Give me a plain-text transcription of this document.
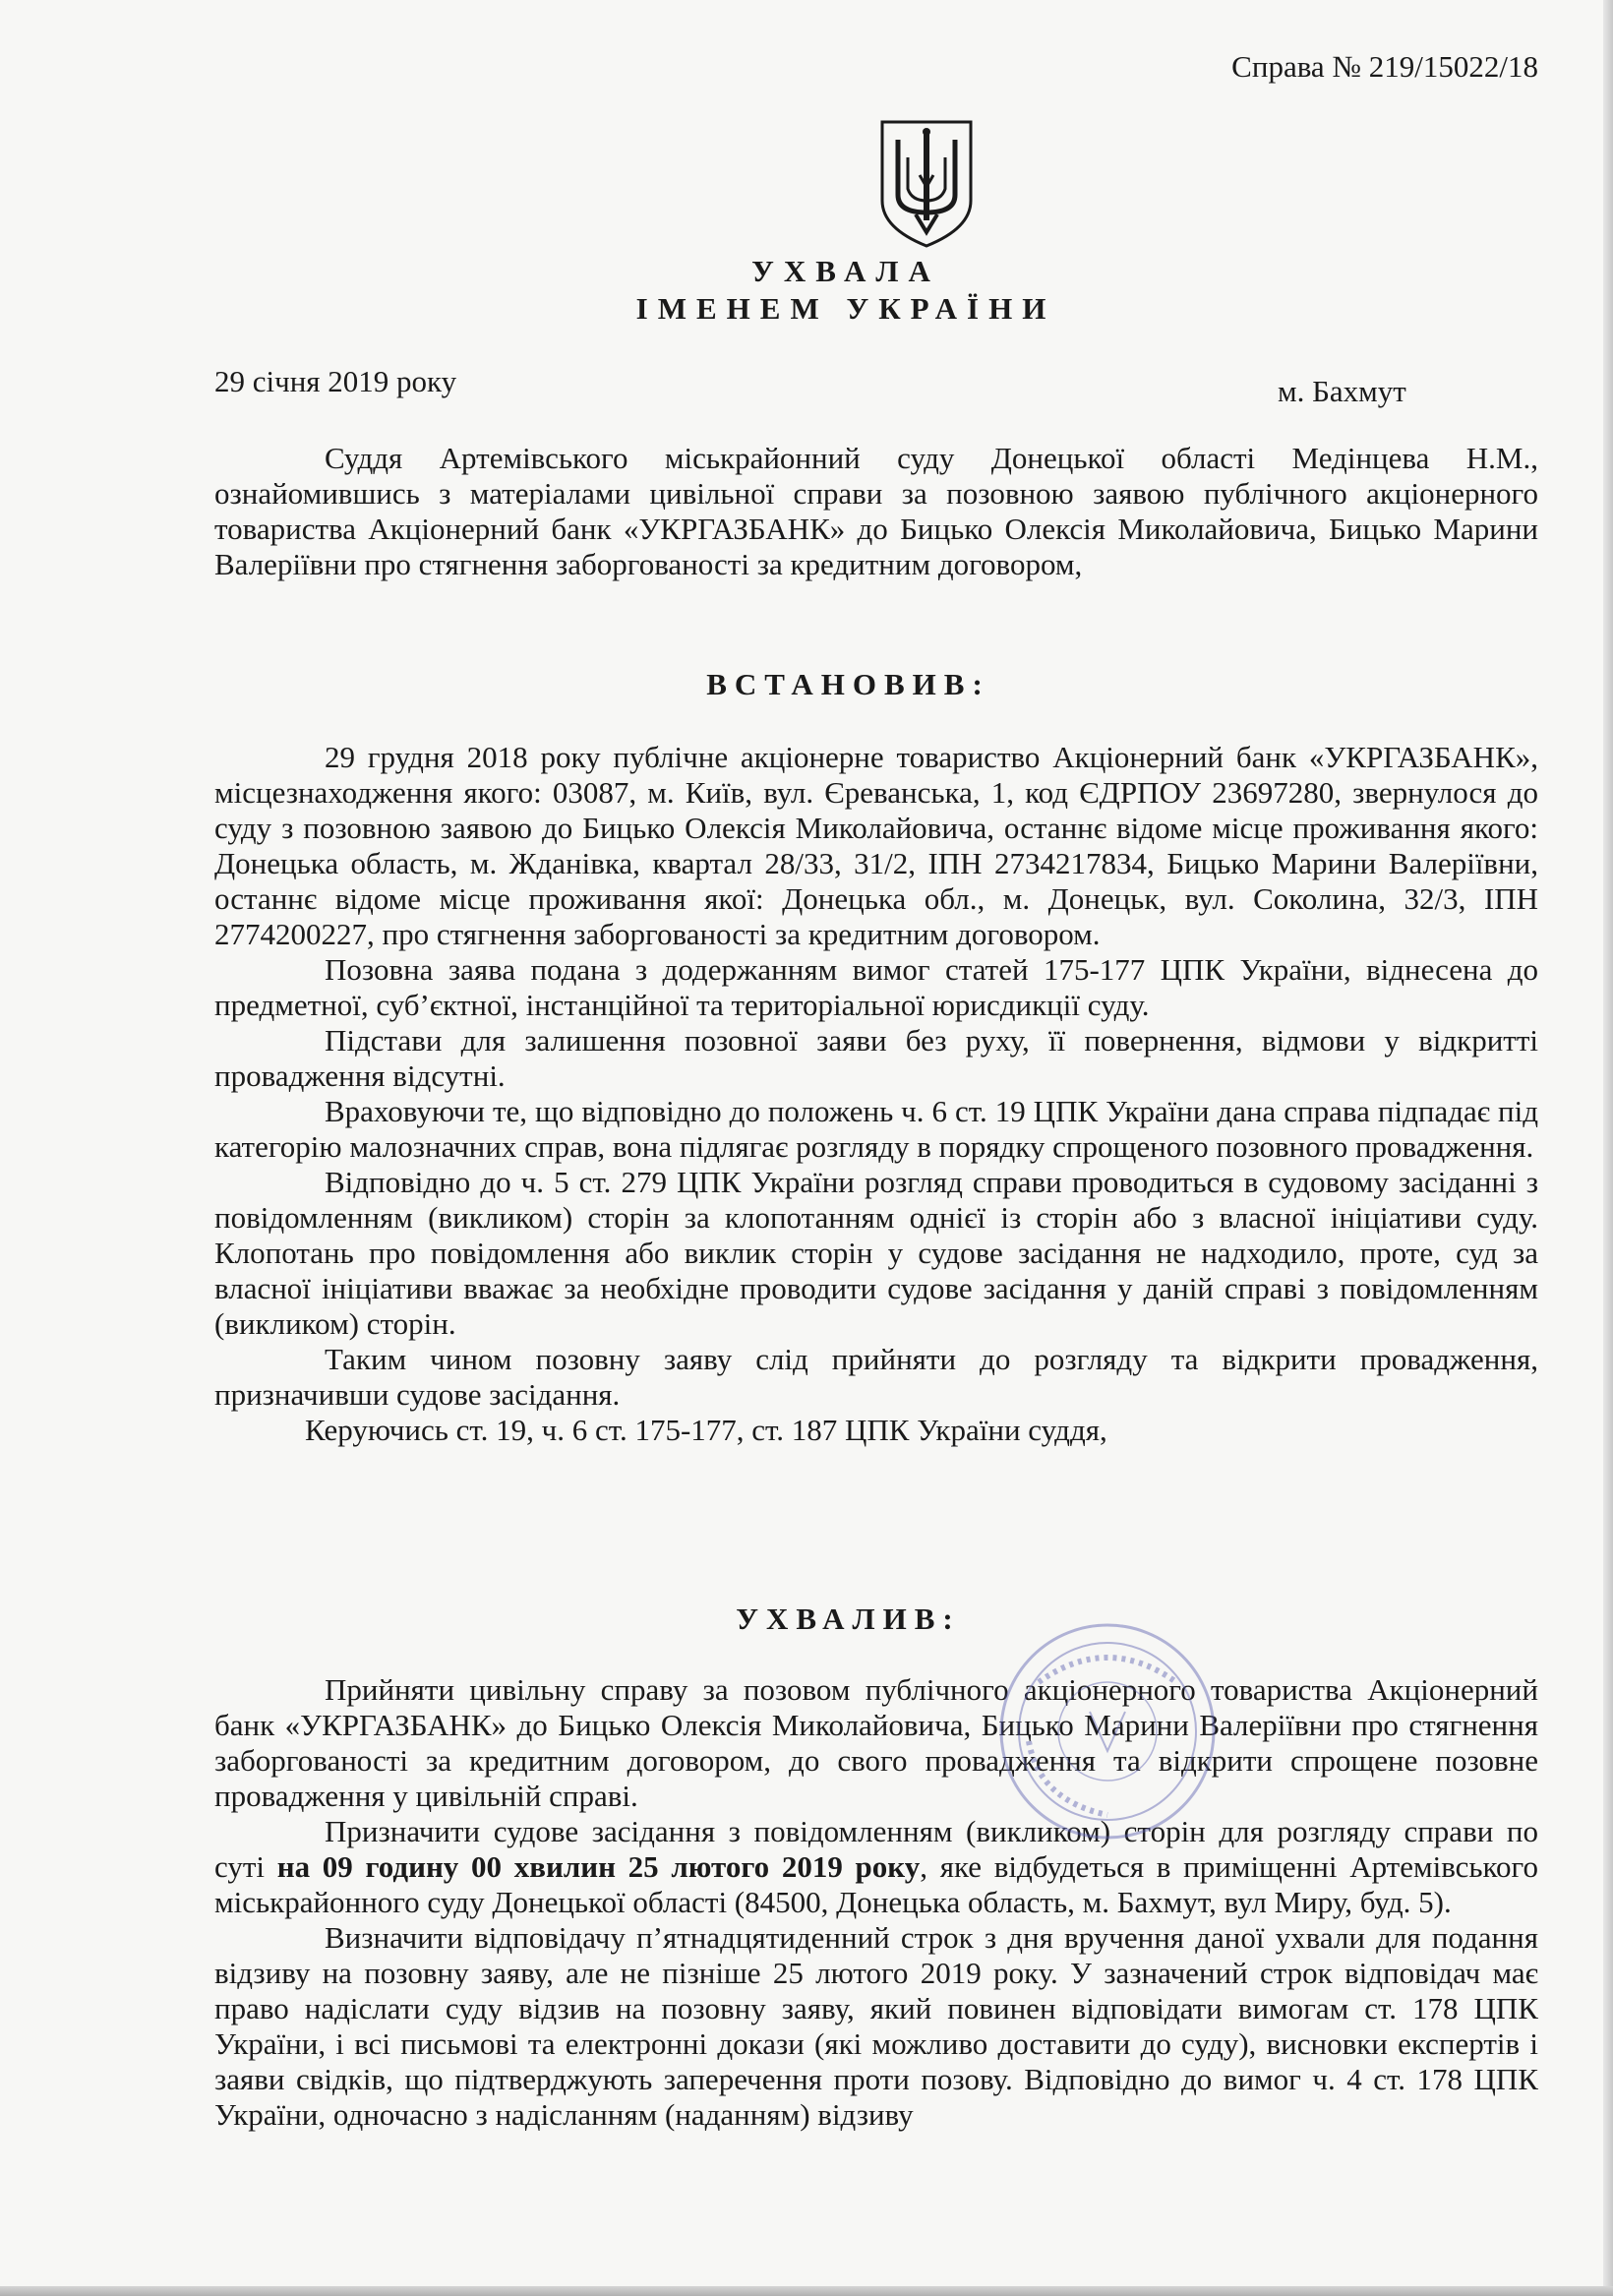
Справа № 219/15022/18
УХВАЛА
ІМЕНЕМ УКРАЇНИ
29 січня 2019 року	м. Бахмут

Суддя Артемівського міськрайонний суду Донецької області Медінцева Н.М., ознайомившись з матеріалами цивільної справи за позовною заявою публічного акціонерного товариства Акціонерний банк «УКРГАЗБАНК» до Бицько Олексія Миколайовича, Бицько Марини Валеріївни про стягнення заборгованості за кредитним договором,

ВСТАНОВИВ:

29 грудня 2018 року публічне акціонерне товариство Акціонерний банк «УКРГАЗБАНК», місцезнаходження якого: 03087, м. Київ, вул. Єреванська, 1, код ЄДРПОУ 23697280, звернулося до суду з позовною заявою до Бицько Олексія Миколайовича, останнє відоме місце проживання якого: Донецька область, м. Жданівка, квартал 28/33, 31/2, ІПН 2734217834, Бицько Марини Валеріївни, останнє відоме місце проживання якої: Донецька обл., м. Донецьк, вул. Соколина, 32/3, ІПН 2774200227, про стягнення заборгованості за кредитним договором.

Позовна заява подана з додержанням вимог статей 175-177 ЦПК України, віднесена до предметної, суб’єктної, інстанційної та територіальної юрисдикції суду.

Підстави для залишення позовної заяви без руху, її повернення, відмови у відкритті провадження відсутні.

Враховуючи те, що відповідно до положень ч. 6 ст. 19 ЦПК України дана справа підпадає під категорію малозначних справ, вона підлягає розгляду в порядку спрощеного позовного провадження.

Відповідно до ч. 5 ст. 279 ЦПК України розгляд справи проводиться в судовому засіданні з повідомленням (викликом) сторін за клопотанням однієї із сторін або з власної ініціативи суду. Клопотань про повідомлення або виклик сторін у судове засідання не надходило, проте, суд за власної ініціативи вважає за необхідне проводити судове засідання у даній справі з повідомленням (викликом) сторін.

Таким чином позовну заяву слід прийняти до розгляду та відкрити провадження, призначивши судове засідання.

Керуючись ст. 19, ч. 6 ст. 175-177, ст. 187 ЦПК України суддя,

УХВАЛИВ:

Прийняти цивільну справу за позовом публічного акціонерного товариства Акціонерний банк «УКРГАЗБАНК» до Бицько Олексія Миколайовича, Бицько Марини Валеріївни про стягнення заборгованості за кредитним договором, до свого провадження та відкрити спрощене позовне провадження у цивільній справі.

Призначити судове засідання з повідомленням (викликом) сторін для розгляду справи по суті на 09 годину 00 хвилин 25 лютого 2019 року, яке відбудеться в приміщенні Артемівського міськрайонного суду Донецької області (84500, Донецька область, м. Бахмут, вул Миру, буд. 5).

Визначити відповідачу п’ятнадцятиденний строк з дня вручення даної ухвали для подання відзиву на позовну заяву, але не пізніше 25 лютого 2019 року. У зазначений строк відповідач має право надіслати суду відзив на позовну заяву, який повинен відповідати вимогам ст. 178 ЦПК України, і всі письмові та електронні докази (які можливо доставити до суду), висновки експертів і заяви свідків, що підтверджують заперечення проти позову. Відповідно до вимог ч. 4 ст. 178 ЦПК України, одночасно з надісланням (наданням) відзиву
